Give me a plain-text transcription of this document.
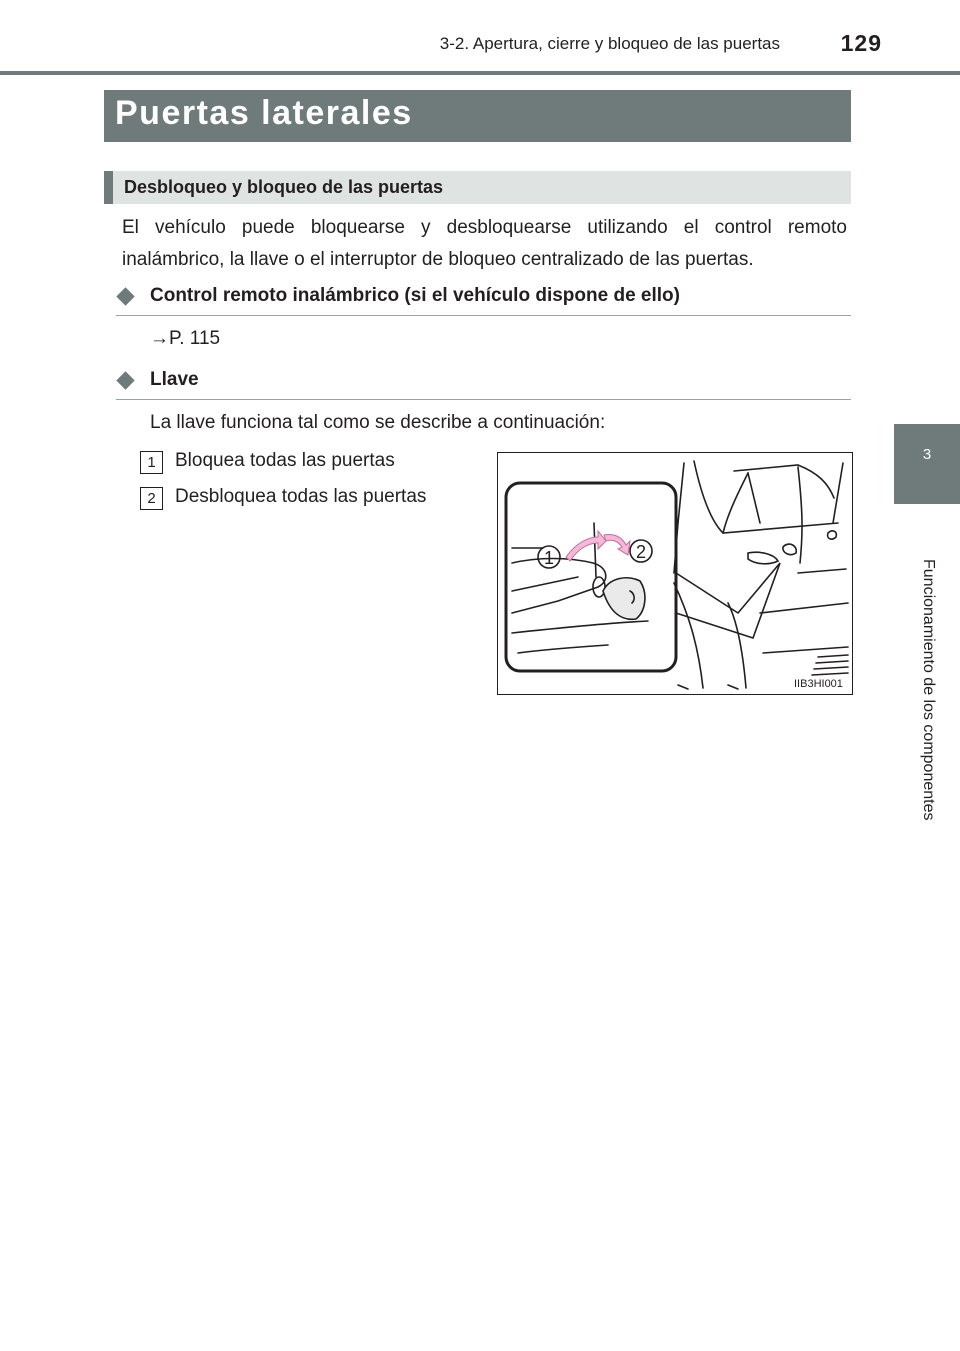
3-2. Apertura, cierre y bloqueo de las puertas	129
3
Funcionamiento de los componentes
Puertas laterales
Desbloqueo y bloqueo de las puertas
El vehículo puede bloquearse y desbloquearse utilizando el control remoto inalámbrico, la llave o el interruptor de bloqueo centralizado de las puertas.
Control remoto inalámbrico (si el vehículo dispone de ello)
→P. 115
Llave
La llave funciona tal como se describe a continuación:
1	Bloquea todas las puertas
2	Desbloquea todas las puertas
1	2
IIB3HI001
